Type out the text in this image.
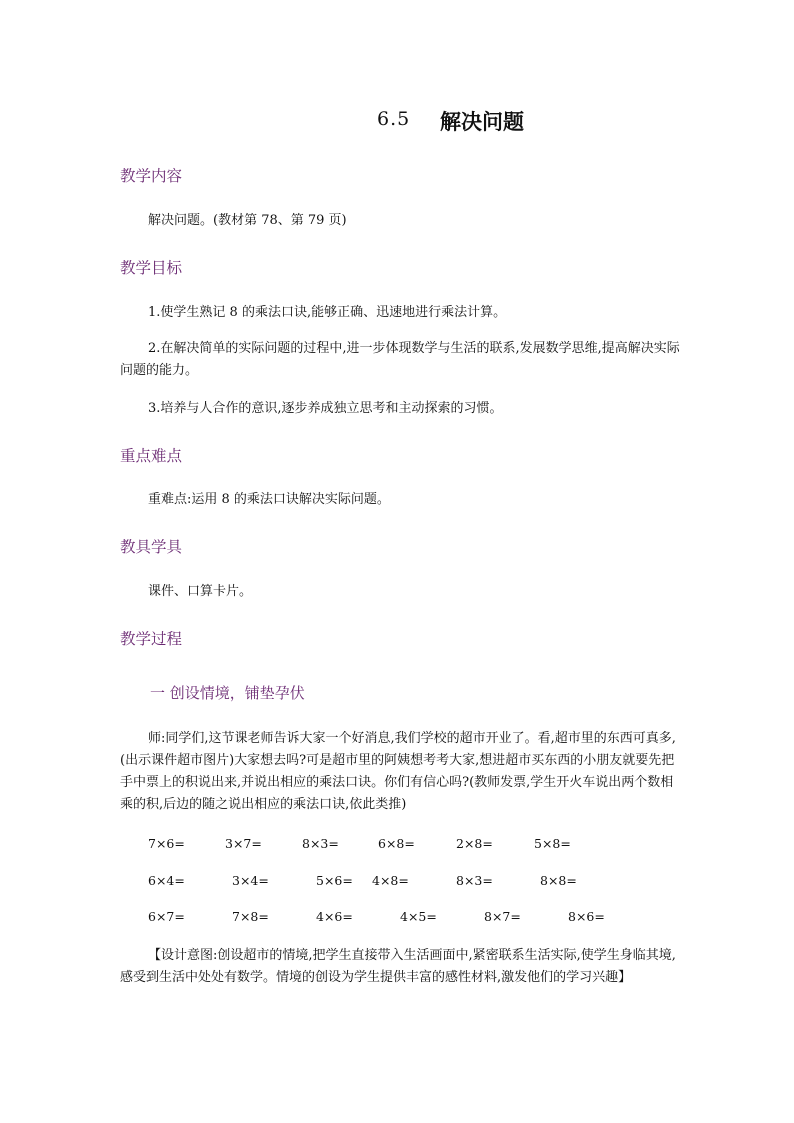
6.5 解决问题
教学内容
解决问题。(教材第 78、第 79 页)
教学目标
1.使学生熟记 8 的乘法口诀,能够正确、迅速地进行乘法计算。
2.在解决简单的实际问题的过程中,进一步体现数学与生活的联系,发展数学思维,提高解决实际问题的能力。
3.培养与人合作的意识,逐步养成独立思考和主动探索的习惯。
重点难点
重难点:运用 8 的乘法口诀解决实际问题。
教具学具
课件、口算卡片。
教学过程
一 创设情境，铺垫孕伏
师:同学们,这节课老师告诉大家一个好消息,我们学校的超市开业了。看,超市里的东西可真多,(出示课件超市图片)大家想去吗?可是超市里的阿姨想考考大家,想进超市买东西的小朋友就要先把手中票上的积说出来,并说出相应的乘法口诀。你们有信心吗?(教师发票,学生开火车说出两个数相乘的积,后边的随之说出相应的乘法口诀,依此类推)
7×6=	3×7=	8×3=	6×8=	2×8=	5×8=
6×4=	3×4=	5×6= 4×8=	8×3=	8×8=
6×7=	7×8=	4×6=	4×5=	8×7=	8×6=
【设计意图:创设超市的情境,把学生直接带入生活画面中,紧密联系生活实际,使学生身临其境,感受到生活中处处有数学。情境的创设为学生提供丰富的感性材料,激发他们的学习兴趣】
